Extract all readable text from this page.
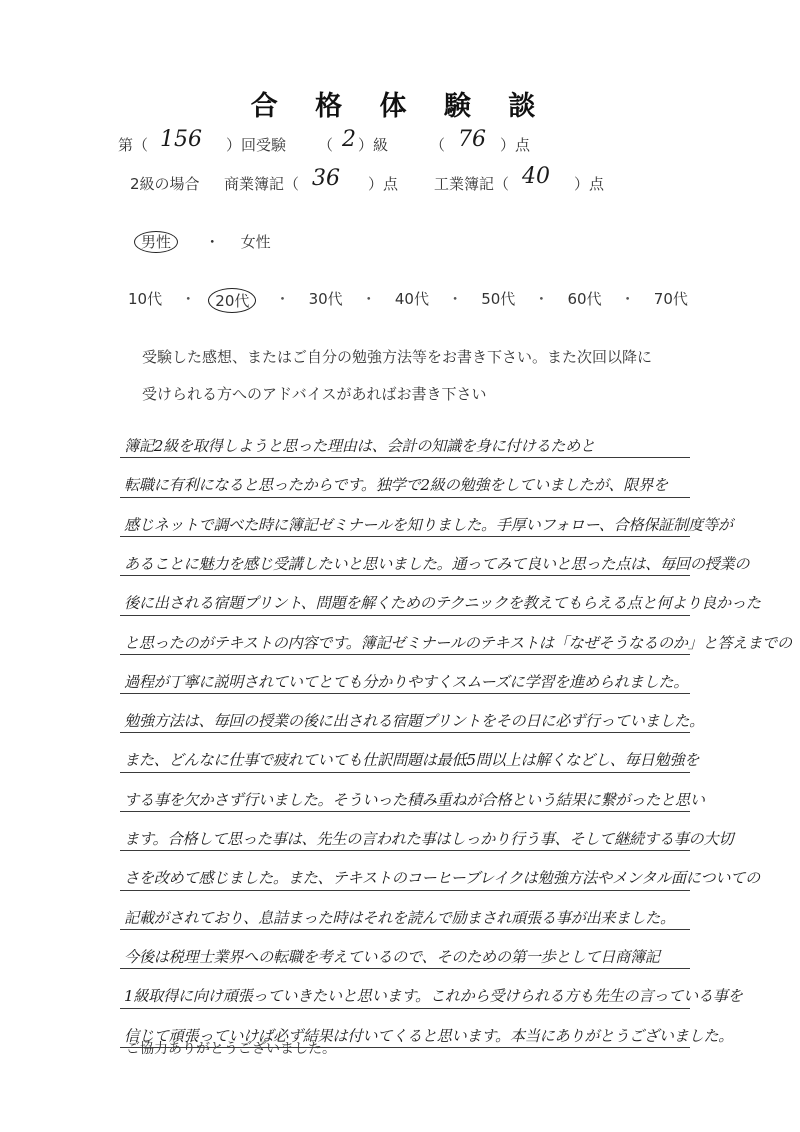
合 格 体 験 談
第（ 156 ）回受験 （ 2 ）級	（ 76 ）点
2級の場合 商業簿記（ 36 ）点 工業簿記（ 40 ）点
男性 ・ 女性
10代 ・	20代	・ 30代 ・ 40代 ・ 50代 ・ 60代 ・ 70代
受験した感想、またはご自分の勉強方法等をお書き下さい。また次回以降に
受けられる方へのアドバイスがあればお書き下さい
簿記2級を取得しようと思った理由は、会計の知識を身に付けるためと
転職に有利になると思ったからです。独学で2級の勉強をしていましたが、限界を
感じネットで調べた時に簿記ゼミナールを知りました。手厚いフォロー、合格保証制度等が
あることに魅力を感じ受講したいと思いました。通ってみて良いと思った点は、毎回の授業の
後に出される宿題プリント、問題を解くためのテクニックを教えてもらえる点と何より良かった
と思ったのがテキストの内容です。簿記ゼミナールのテキストは「なぜそうなるのか」と答えまでの
過程が丁寧に説明されていてとても分かりやすくスムーズに学習を進められました。
勉強方法は、毎回の授業の後に出される宿題プリントをその日に必ず行っていました。
また、どんなに仕事で疲れていても仕訳問題は最低5問以上は解くなどし、毎日勉強を
する事を欠かさず行いました。そういった積み重ねが合格という結果に繋がったと思い
ます。合格して思った事は、先生の言われた事はしっかり行う事、そして継続する事の大切
さを改めて感じました。また、テキストのコーヒーブレイクは勉強方法やメンタル面についての
記載がされており、息詰まった時はそれを読んで励まされ頑張る事が出来ました。
今後は税理士業界への転職を考えているので、そのための第一歩として日商簿記
1級取得に向け頑張っていきたいと思います。これから受けられる方も先生の言っている事を
信じて頑張っていけば必ず結果は付いてくると思います。本当にありがとうございました。
ご協力ありがとうございました。
